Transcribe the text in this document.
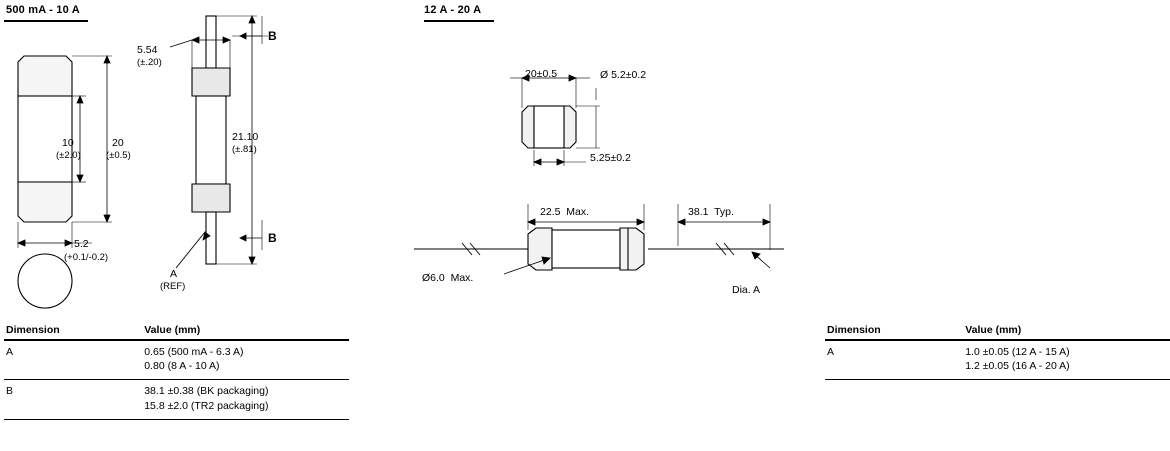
500 mA - 10 A
5.54
(±.20)
10
(±2.0)
20
(±0.5)
21.10
(±.81)
5.2
(+0.1/-0.2)
B
B
A
(REF)
Dimension	Value (mm)
A	0.65 (500 mA - 6.3 A)
0.80 (8 A - 10 A)

B	38.1 ±0.38 (BK packaging)
15.8 ±2.0 (TR2 packaging)
12 A - 20 A
20±0.5	Ø 5.2±0.2
5.25±0.2
22.5  Max.	38.1  Typ.
Ø6.0  Max.
Dia. A
Dimension	Value (mm)
A	1.0 ±0.05 (12 A - 15 A)
1.2 ±0.05 (16 A - 20 A)
